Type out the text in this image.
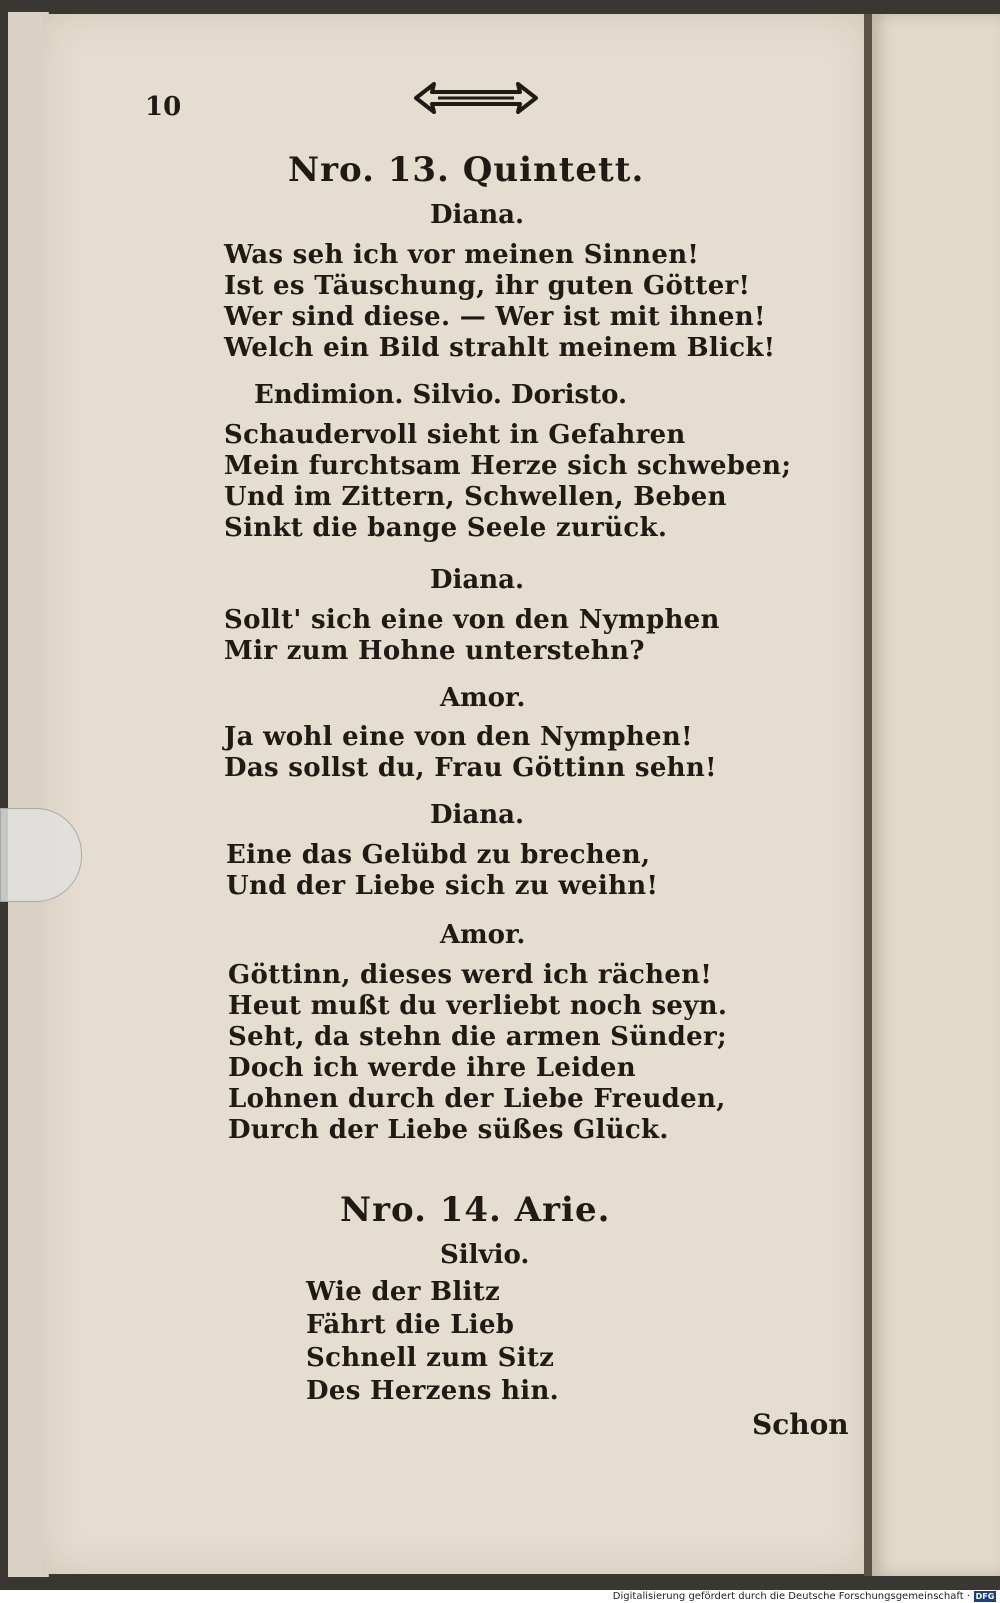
10
Nro. 13. Quintett.
Diana.
Was seh ich vor meinen Sinnen!
Ist es Täuschung, ihr guten Götter!
Wer sind diese. — Wer ist mit ihnen!
Welch ein Bild strahlt meinem Blick!
Endimion. Silvio. Doristo.
Schaudervoll sieht in Gefahren
Mein furchtsam Herze sich schweben;
Und im Zittern, Schwellen, Beben
Sinkt die bange Seele zurück.
Diana.
Sollt' sich eine von den Nymphen
Mir zum Hohne unterstehn?
Amor.
Ja wohl eine von den Nymphen!
Das sollst du, Frau Göttinn sehn!
Diana.
Eine das Gelübd zu brechen,
Und der Liebe sich zu weihn!
Amor.
Göttinn, dieses werd ich rächen!
Heut mußt du verliebt noch seyn.
Seht, da stehn die armen Sünder;
Doch ich werde ihre Leiden
Lohnen durch der Liebe Freuden,
Durch der Liebe süßes Glück.
Nro. 14. Arie.
Silvio.
Wie der Blitz
Fährt die Lieb
Schnell zum Sitz
Des Herzens hin.
Schon
Digitalisierung gefördert durch die Deutsche Forschungsgemeinschaft · DFG
